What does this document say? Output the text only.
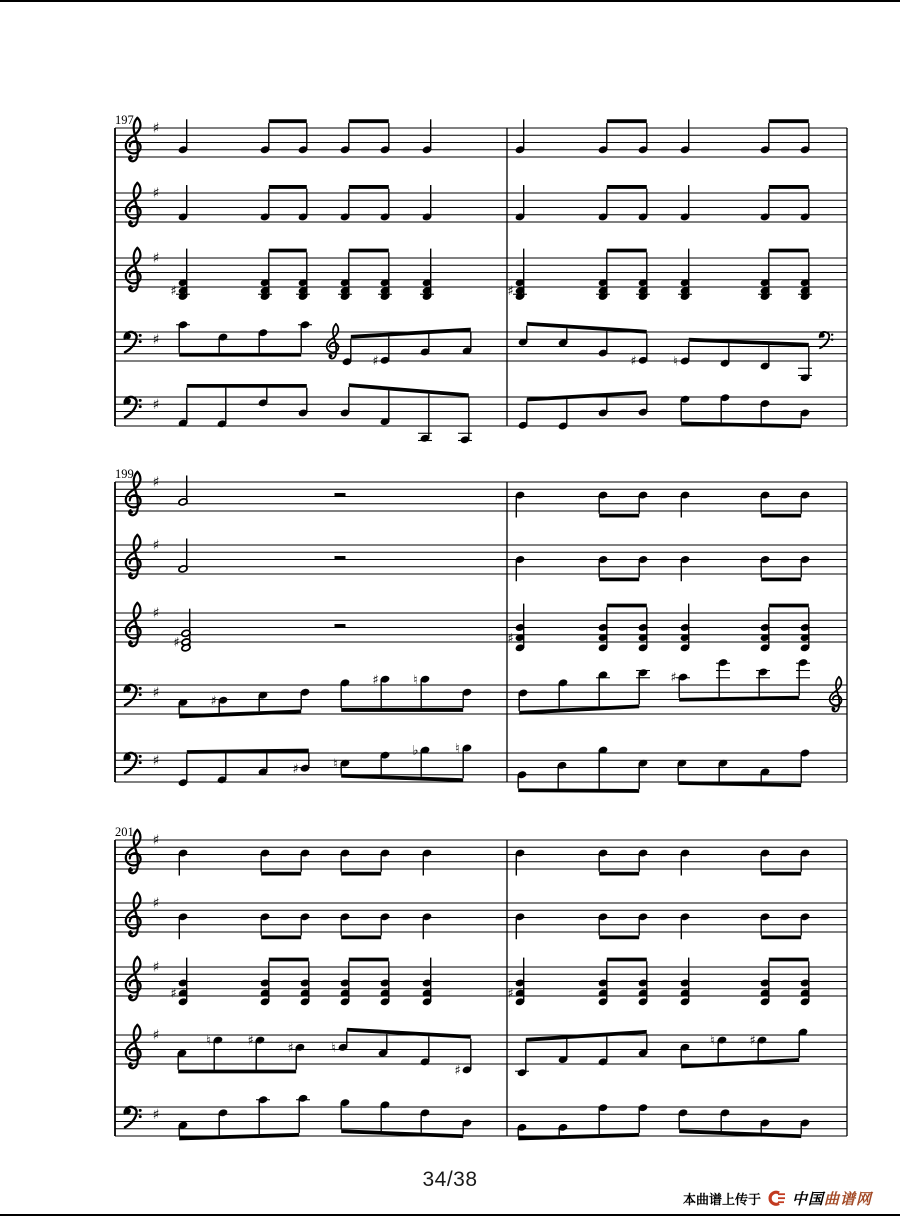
197
♯
♯
♯
♯	♯
♯
♯	♯	♮
♯
199
♯
♯
♯
♯	♯
♯
♯
♯	♮	♯
♯
♯	♮
♭	♮
201
♯
♯
♯
♯	♯
♯	♮	♯	♯	♮
♯
♮	♯
♯
34/38
本曲谱上传于 中国曲谱网
